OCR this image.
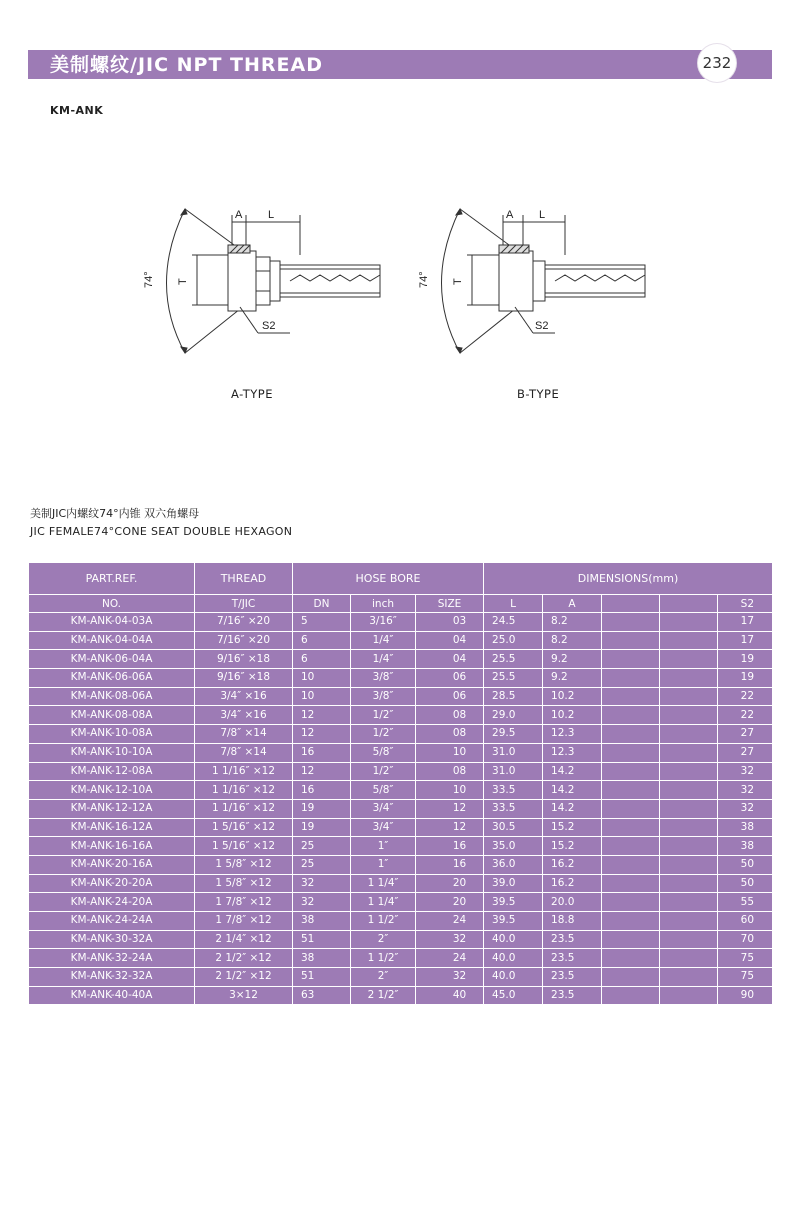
美制螺纹/JIC NPT THREAD	232
KM-ANK
74° T
A L
S2
74° T
A L
S2
A-TYPE	B-TYPE
美制JIC内螺纹74°内锥 双六角螺母
JIC FEMALE74°CONE SEAT DOUBLE HEXAGON
PART.REF.	THREAD	HOSE BORE			DIMENSIONS(mm)				
NO.	T/JIC	DN	inch	SIZE	L	A			S2
KM-ANK-04-03A	7/16″ ×20	5	3/16″	03	24.5	8.2			17
KM-ANK-04-04A	7/16″ ×20	6	1/4″	04	25.0	8.2			17
KM-ANK-06-04A	9/16″ ×18	6	1/4″	04	25.5	9.2			19
KM-ANK-06-06A	9/16″ ×18	10	3/8″	06	25.5	9.2			19
KM-ANK-08-06A	3/4″ ×16	10	3/8″	06	28.5	10.2			22
KM-ANK-08-08A	3/4″ ×16	12	1/2″	08	29.0	10.2			22
KM-ANK-10-08A	7/8″ ×14	12	1/2″	08	29.5	12.3			27
KM-ANK-10-10A	7/8″ ×14	16	5/8″	10	31.0	12.3			27
KM-ANK-12-08A	1 1/16″ ×12	12	1/2″	08	31.0	14.2			32
KM-ANK-12-10A	1 1/16″ ×12	16	5/8″	10	33.5	14.2			32
KM-ANK-12-12A	1 1/16″ ×12	19	3/4″	12	33.5	14.2			32
KM-ANK-16-12A	1 5/16″ ×12	19	3/4″	12	30.5	15.2			38
KM-ANK-16-16A	1 5/16″ ×12	25	1″	16	35.0	15.2			38
KM-ANK-20-16A	1 5/8″ ×12	25	1″	16	36.0	16.2			50
KM-ANK-20-20A	1 5/8″ ×12	32	1 1/4″	20	39.0	16.2			50
KM-ANK-24-20A	1 7/8″ ×12	32	1 1/4″	20	39.5	20.0			55
KM-ANK-24-24A	1 7/8″ ×12	38	1 1/2″	24	39.5	18.8			60
KM-ANK-30-32A	2 1/4″ ×12	51	2″	32	40.0	23.5			70
KM-ANK-32-24A	2 1/2″ ×12	38	1 1/2″	24	40.0	23.5			75
KM-ANK-32-32A	2 1/2″ ×12	51	2″	32	40.0	23.5			75
KM-ANK-40-40A	3×12	63	2 1/2″	40	45.0	23.5			90
